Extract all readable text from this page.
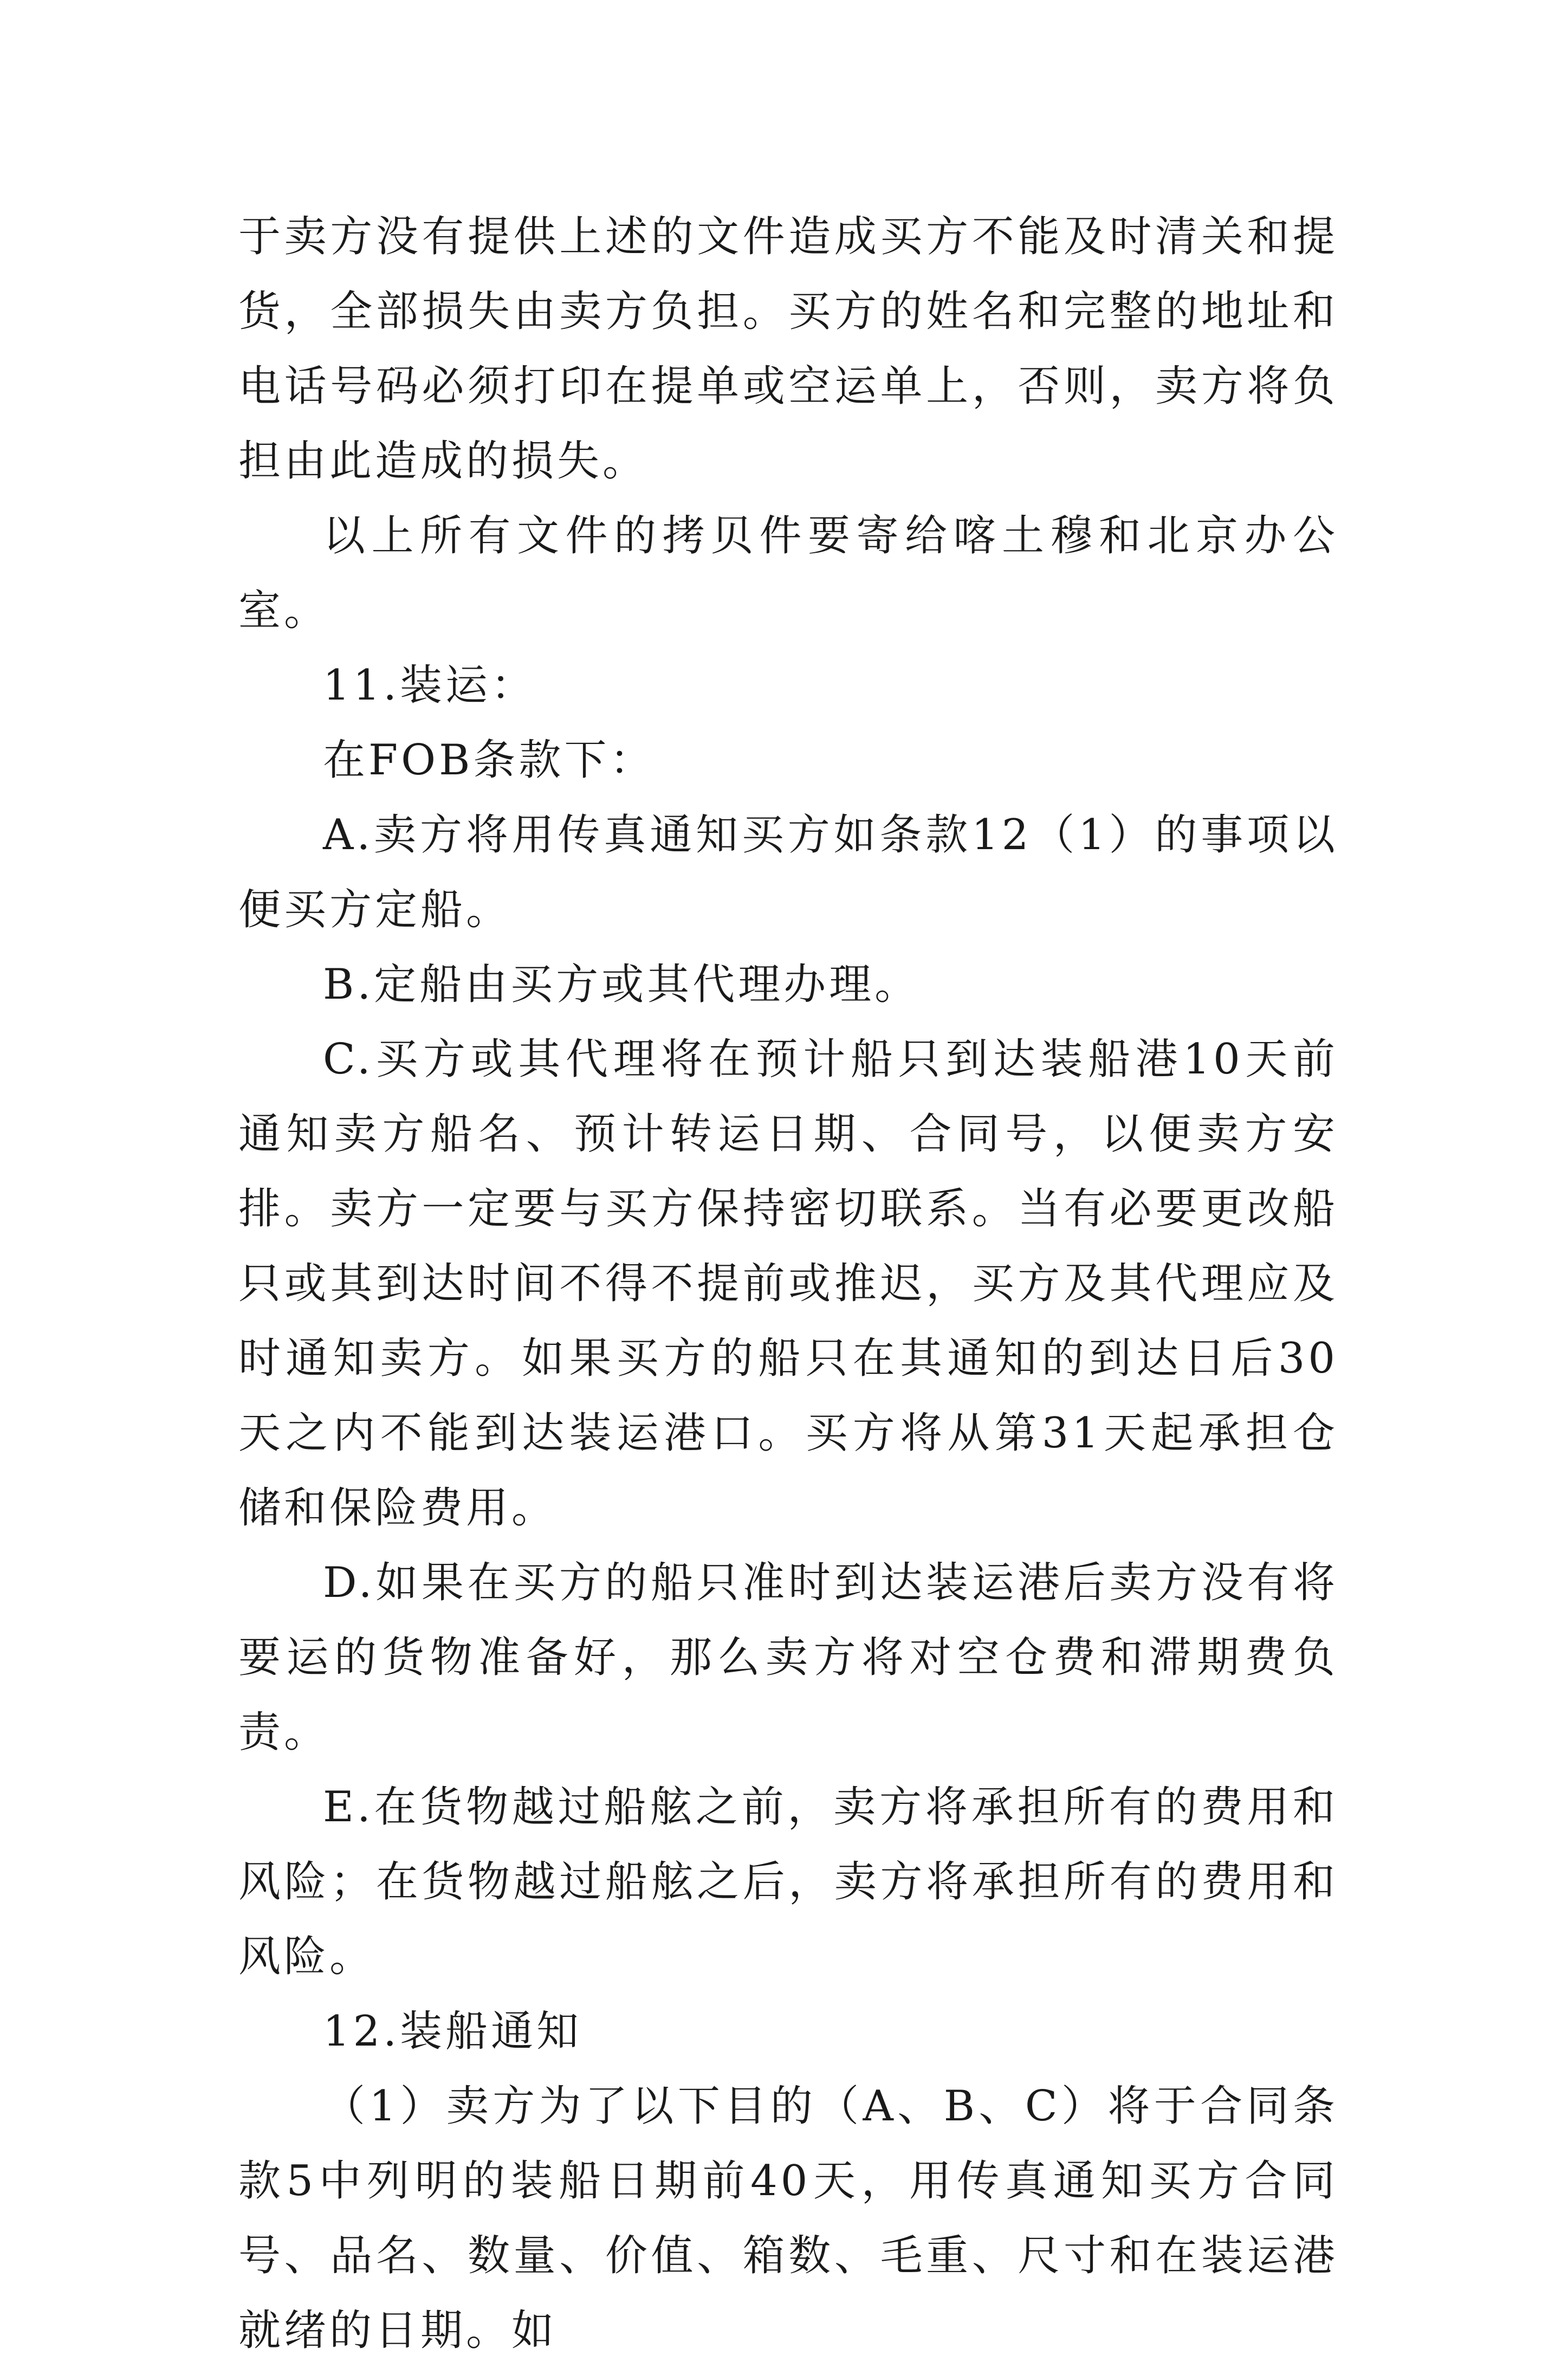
于卖方没有提供上述的文件造成买方不能及时清关和提货，全部损失由卖方负担。买方的姓名和完整的地址和电话号码必须打印在提单或空运单上，否则，卖方将负担由此造成的损失。

以上所有文件的拷贝件要寄给喀土穆和北京办公室。

11.装运：

在FOB条款下：

A.卖方将用传真通知买方如条款12（1）的事项以便买方定船。

B.定船由买方或其代理办理。

C.买方或其代理将在预计船只到达装船港10天前通知卖方船名、预计转运日期、合同号，以便卖方安排。卖方一定要与买方保持密切联系。当有必要更改船只或其到达时间不得不提前或推迟，买方及其代理应及时通知卖方。如果买方的船只在其通知的到达日后30天之内不能到达装运港口。买方将从第31天起承担仓储和保险费用。

D.如果在买方的船只准时到达装运港后卖方没有将要运的货物准备好，那么卖方将对空仓费和滞期费负责。

E.在货物越过船舷之前，卖方将承担所有的费用和风险；在货物越过船舷之后，卖方将承担所有的费用和风险。

12.装船通知

（1）卖方为了以下目的（A、B、C）将于合同条款5中列明的装船日期前40天，用传真通知买方合同号、品名、数量、价值、箱数、毛重、尺寸和在装运港就绪的日期。如
